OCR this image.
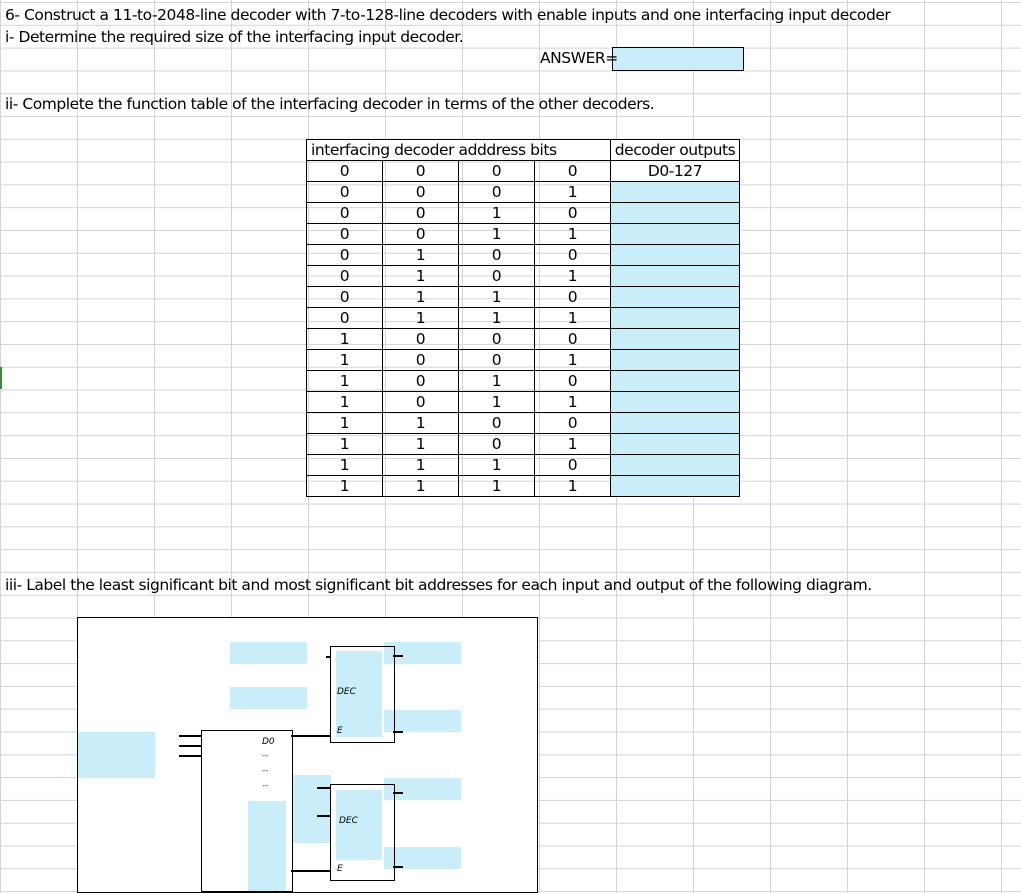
6- Construct a 11-to-2048-line decoder with 7-to-128-line decoders with enable inputs and one interfacing input decoder
i- Determine the required size of the interfacing input decoder.
ANSWER=
ii- Complete the function table of the interfacing decoder in terms of the other decoders.
interfacing decoder adddress bits				decoder outputs
0	0	0	0	D0-127
0	0	0	1	
0	0	1	0	
0	0	1	1	
0	1	0	0	
0	1	0	1	
0	1	1	0	
0	1	1	1	
1	0	0	0	
1	0	0	1	
1	0	1	0	
1	0	1	1	
1	1	0	0	
1	1	0	1	
1	1	1	0	
1	1	1	1	
iii- Label the least significant bit and most significant bit addresses for each input and output of the following diagram.
DEC
E
DEC
E
D0
--
--
--
